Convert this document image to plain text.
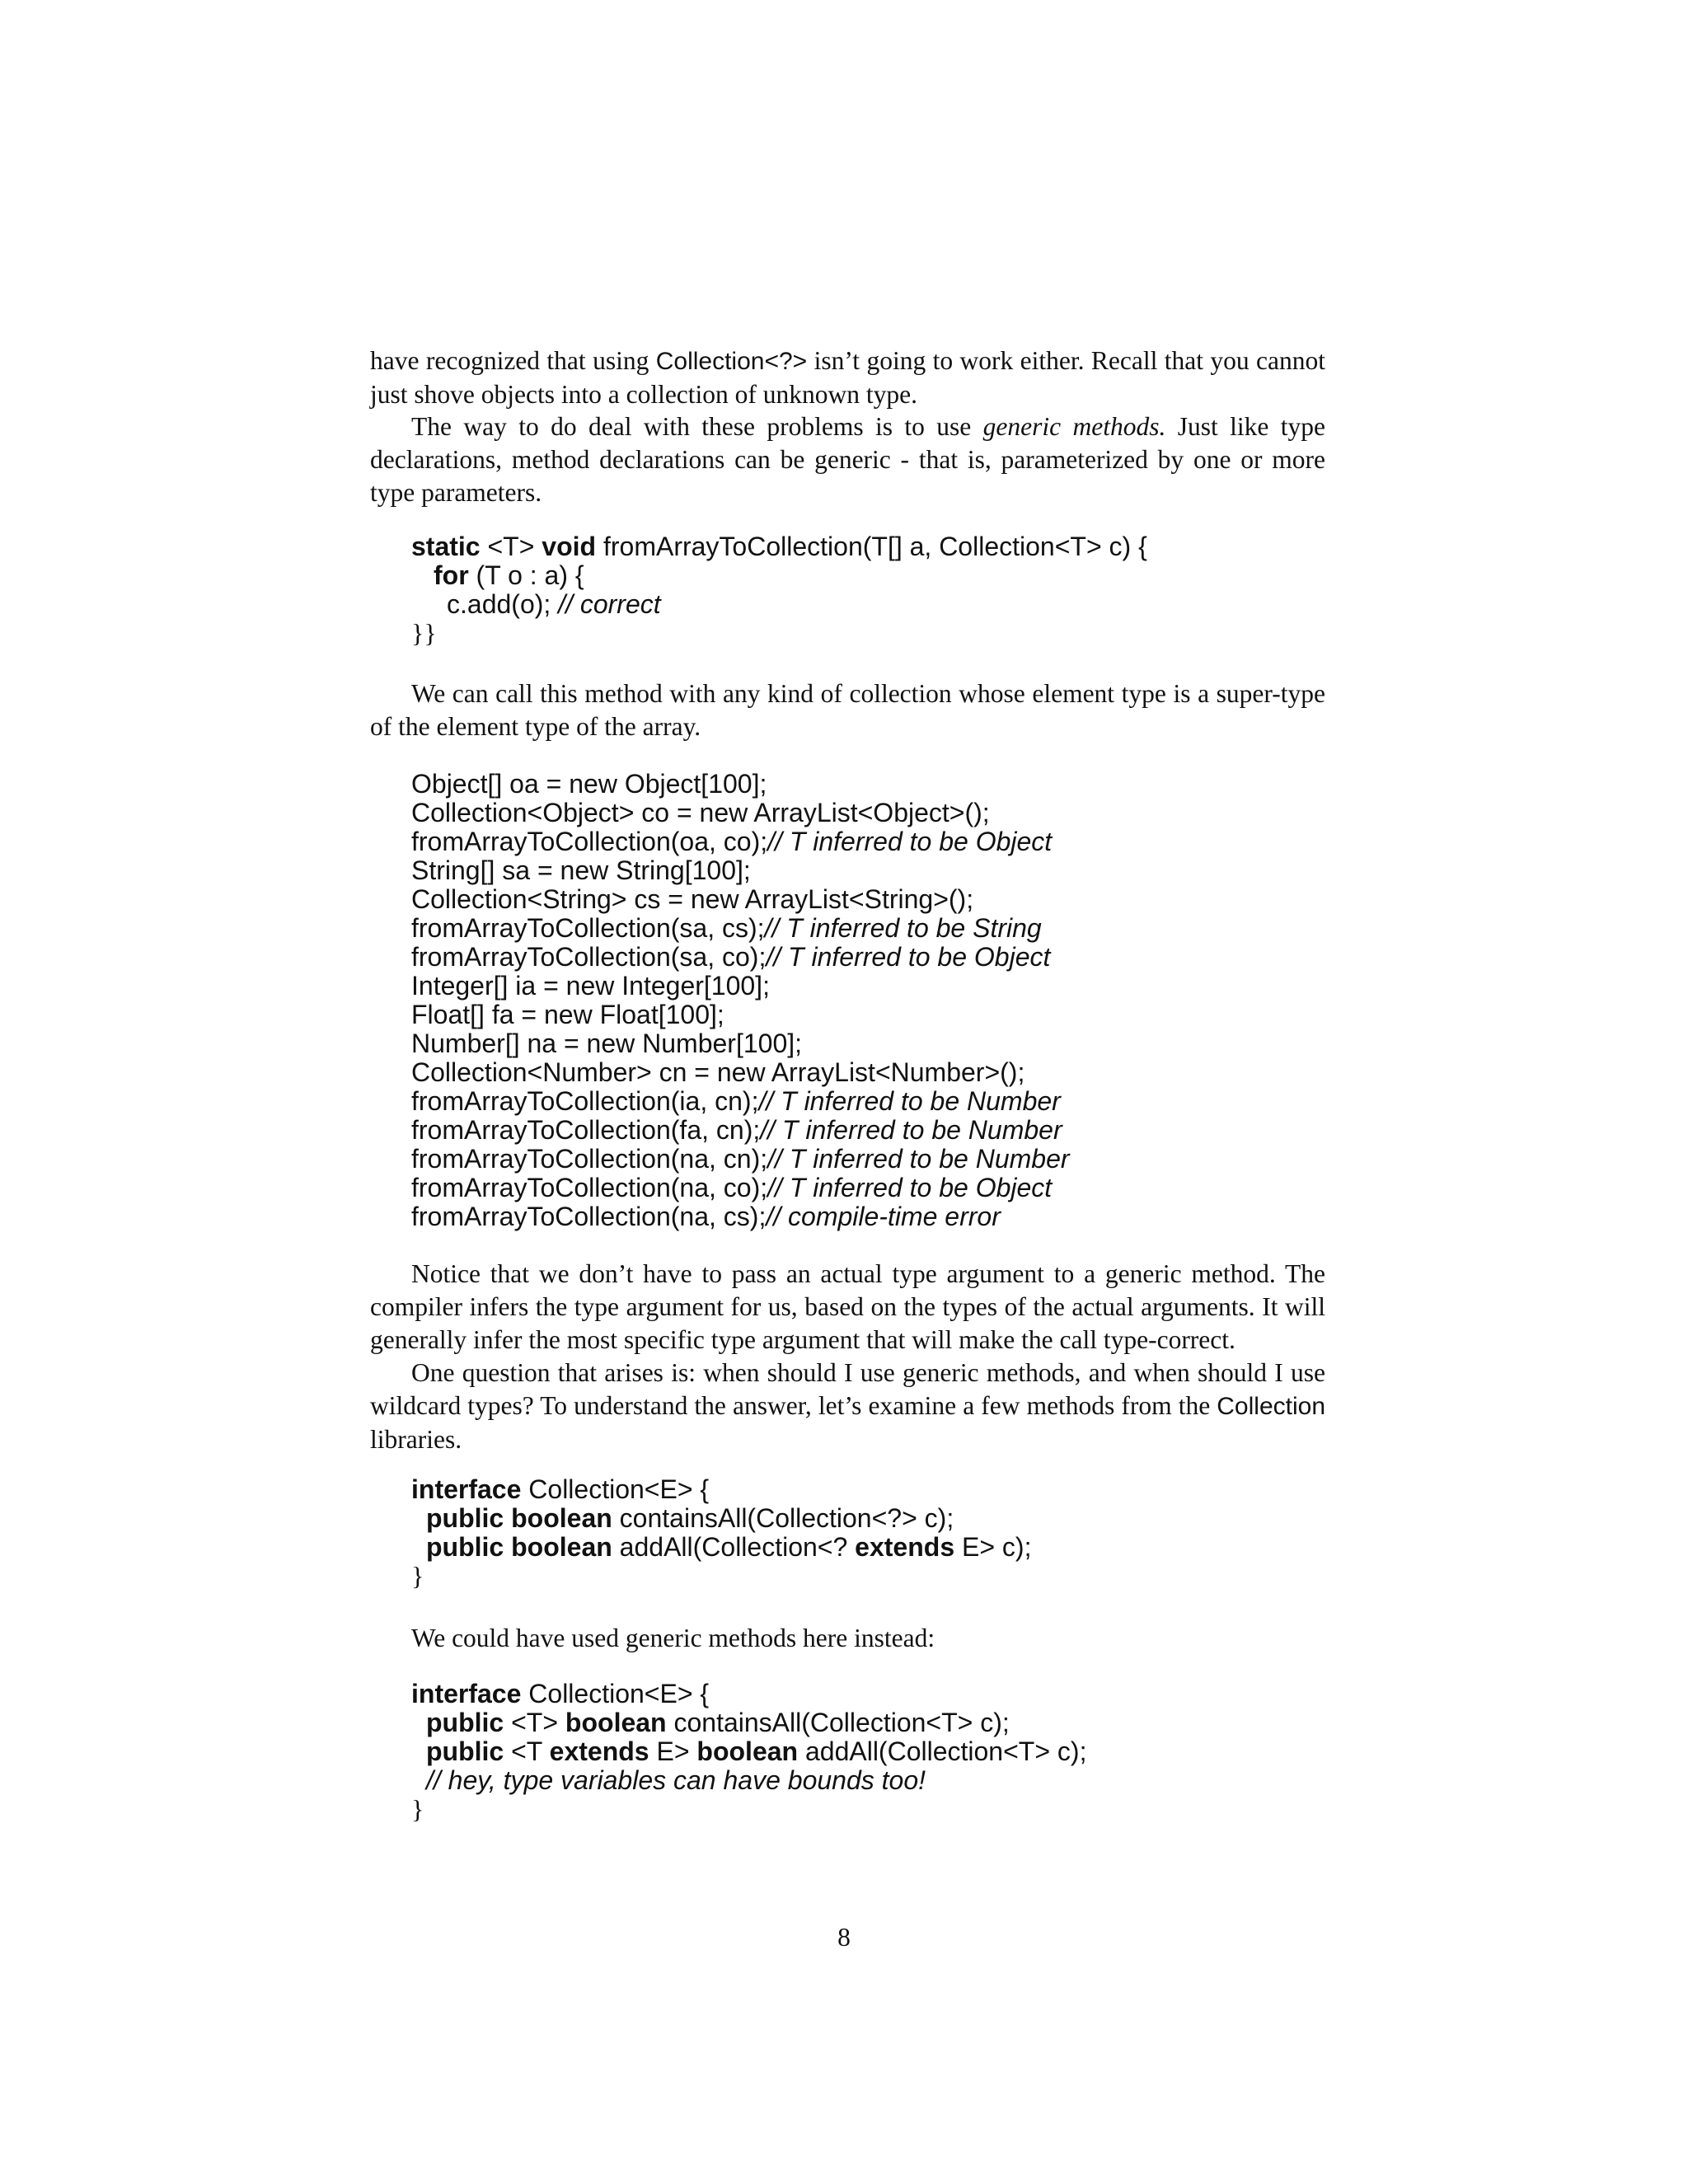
have recognized that using Collection<?> isn’t going to work either. Recall that you cannot just shove objects into a collection of unknown type.

The way to do deal with these problems is to use generic methods. Just like type declarations, method declarations can be generic - that is, parameterized by one or more type parameters.

static <T> void fromArrayToCollection(T[] a, Collection<T> c) {
for (T o : a) {
c.add(o); // correct
}}

We can call this method with any kind of collection whose element type is a super-type of the element type of the array.

Object[] oa = new Object[100];
Collection<Object> co = new ArrayList<Object>();
fromArrayToCollection(oa, co);// T inferred to be Object
String[] sa = new String[100];
Collection<String> cs = new ArrayList<String>();
fromArrayToCollection(sa, cs);// T inferred to be String
fromArrayToCollection(sa, co);// T inferred to be Object
Integer[] ia = new Integer[100];
Float[] fa = new Float[100];
Number[] na = new Number[100];
Collection<Number> cn = new ArrayList<Number>();
fromArrayToCollection(ia, cn);// T inferred to be Number
fromArrayToCollection(fa, cn);// T inferred to be Number
fromArrayToCollection(na, cn);// T inferred to be Number
fromArrayToCollection(na, co);// T inferred to be Object
fromArrayToCollection(na, cs);// compile-time error

Notice that we don’t have to pass an actual type argument to a generic method. The compiler infers the type argument for us, based on the types of the actual arguments. It will generally infer the most specific type argument that will make the call type-correct.

One question that arises is: when should I use generic methods, and when should I use wildcard types? To understand the answer, let’s examine a few methods from the Collection libraries.

interface Collection<E> {
public boolean containsAll(Collection<?> c);
public boolean addAll(Collection<? extends E> c);
}

We could have used generic methods here instead:

interface Collection<E> {
public <T> boolean containsAll(Collection<T> c);
public <T extends E> boolean addAll(Collection<T> c);
// hey, type variables can have bounds too!
}
8
